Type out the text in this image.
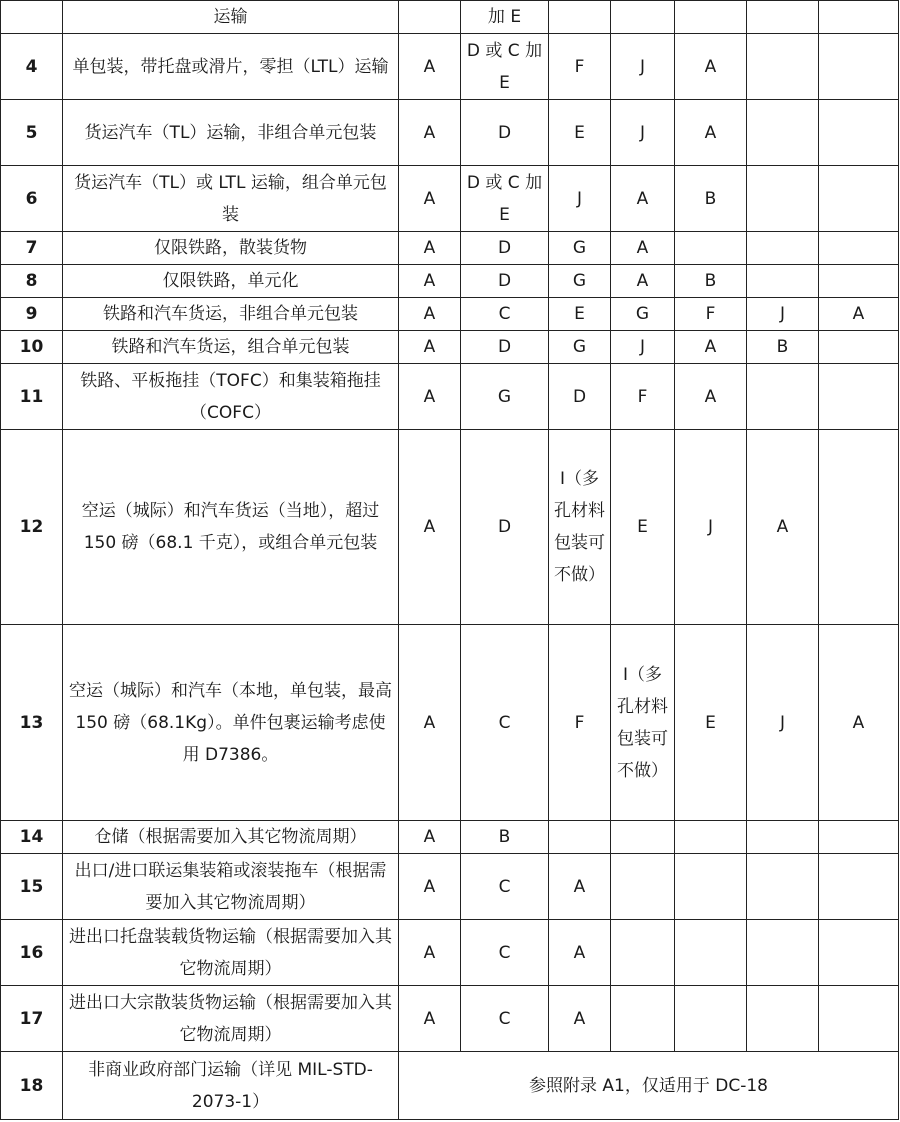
	运输		加 E					
4	单包装，带托盘或滑片，零担（LTL）运输	A	D 或 C 加 E	F	J	A		
5	货运汽车（TL）运输，非组合单元包装	A	D	E	J	A		
6	货运汽车（TL）或 LTL 运输，组合单元包装	A	D 或 C 加 E	J	A	B		
7	仅限铁路，散装货物	A	D	G	A			
8	仅限铁路，单元化	A	D	G	A	B		
9	铁路和汽车货运，非组合单元包装	A	C	E	G	F	J	A
10	铁路和汽车货运，组合单元包装	A	D	G	J	A	B	
11	铁路、平板拖挂（TOFC）和集装箱拖挂（COFC）	A	G	D	F	A		
12	空运（城际）和汽车货运（当地），超过 150 磅（68.1 千克），或组合单元包装	A	D	I（多孔材料包装可不做）	E	J	A	
13	空运（城际）和汽车（本地，单包装，最高 150 磅（68.1Kg）。单件包裹运输考虑使用 D7386。	A	C	F	I（多孔材料包装可不做）	E	J	A
14	仓储（根据需要加入其它物流周期）	A	B					
15	出口/进口联运集装箱或滚装拖车（根据需要加入其它物流周期）	A	C	A				
16	进出口托盘装载货物运输（根据需要加入其它物流周期）	A	C	A				
17	进出口大宗散装货物运输（根据需要加入其它物流周期）	A	C	A				
18	非商业政府部门运输（详见 MIL-STD-2073-1）	参照附录 A1，仅适用于 DC-18						
